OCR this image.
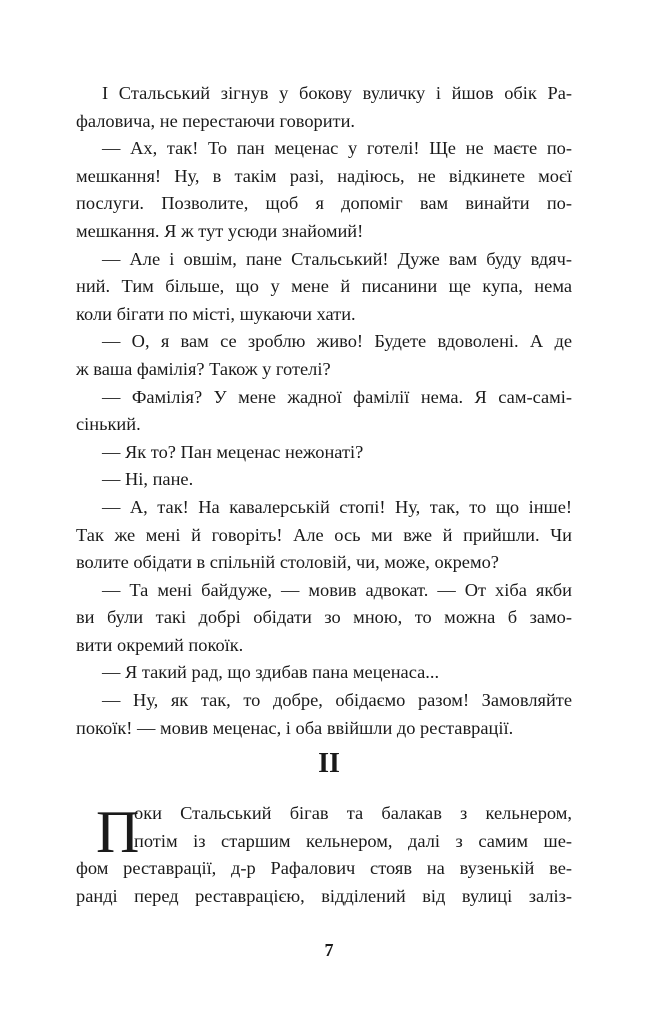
І Стальський зігнув у бокову вуличку і йшов обік Ра-
фаловича, не перестаючи говорити.
— Ах, так! То пан меценас у готелі! Ще не маєте по-
мешкання! Ну, в такім разі, надіюсь, не відкинете моєї
послуги. Позволите, щоб я допоміг вам винайти по-
мешкання. Я ж тут усюди знайомий!
— Але і овшім, пане Стальський! Дуже вам буду вдяч-
ний. Тим більше, що у мене й писанини ще купа, нема
коли бігати по місті, шукаючи хати.
— О, я вам се зроблю живо! Будете вдоволені. А де
ж ваша фамілія? Також у готелі?
— Фамілія? У мене жадної фамілії нема. Я сам-самі-
сінький.
— Як то? Пан меценас нежонаті?
— Ні, пане.
— А, так! На кавалерській стопі! Ну, так, то що інше!
Так же мені й говоріть! Але ось ми вже й прийшли. Чи
волите обідати в спільній столовій, чи, може, окремо?
— Та мені байдуже, — мовив адвокат. — От хіба якби
ви були такі добрі обідати зо мною, то можна б замо-
вити окремий покоїк.
— Я такий рад, що здибав пана меценаса...
— Ну, як так, то добре, обідаємо разом! Замовляйте
покоїк! — мовив меценас, і оба ввійшли до реставрації.
II
П
оки Стальський бігав та балакав з кельнером,
потім із старшим кельнером, далі з самим ше-
фом реставрації, д-р Рафалович стояв на вузенькій ве-
ранді перед реставрацією, відділений від вулиці заліз-
7
